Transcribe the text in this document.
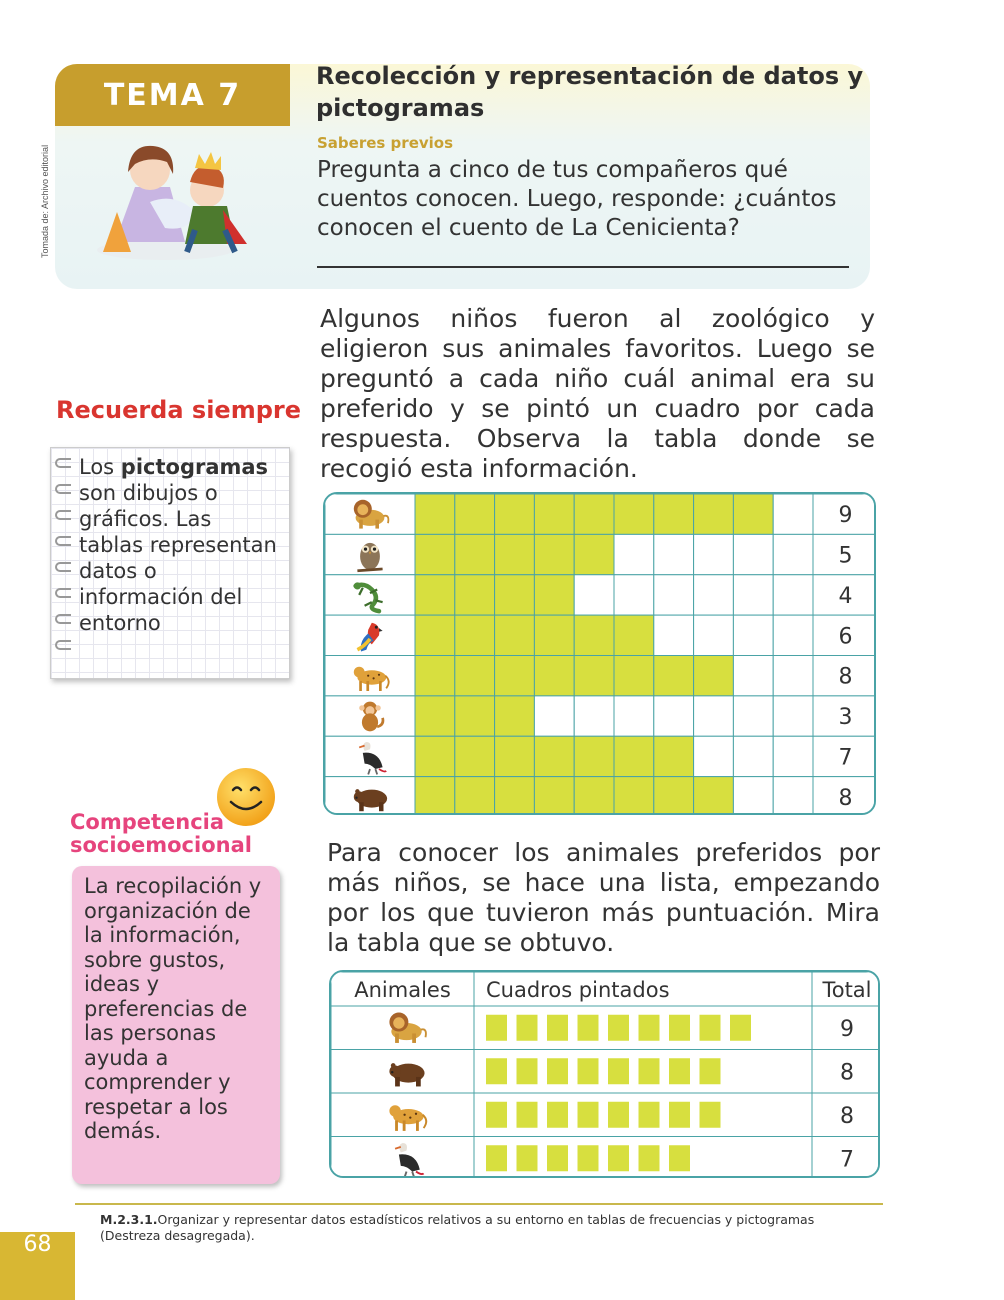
Tomada de: Archivo editorial
TEMA 7
Recolección y representación de datos y pictogramas
Saberes previos
Pregunta a cinco de tus compañeros qué cuentos conocen. Luego, responde: ¿cuántos conocen el cuento de La Cenicienta?
Algunos niños fueron al zoológico y eligieron sus animales favoritos. Luego se preguntó a cada niño cuál animal era su preferido y se pintó un cuadro por cada respuesta. Observa la tabla donde se recogió esta información.
Recuerda siempre
Los pictogramas son dibujos o gráficos. Las tablas representan datos o información del entorno
Competencia
socioemocional
La recopilación y organización de la información, sobre gustos, ideas y preferencias de las personas ayuda a comprender y respetar a los demás.
9
5
4
6
8
3
7
8
Para conocer los animales preferidos por más niños, se hace una lista, empezando por los que tuvieron más puntuación. Mira la tabla que se obtuvo.
Animales Cuadros pintados	Total
9
8
8
7
68
M.2.3.1.Organizar y representar datos estadísticos relativos a su entorno en tablas de frecuencias y pictogramas (Destreza desagregada).
